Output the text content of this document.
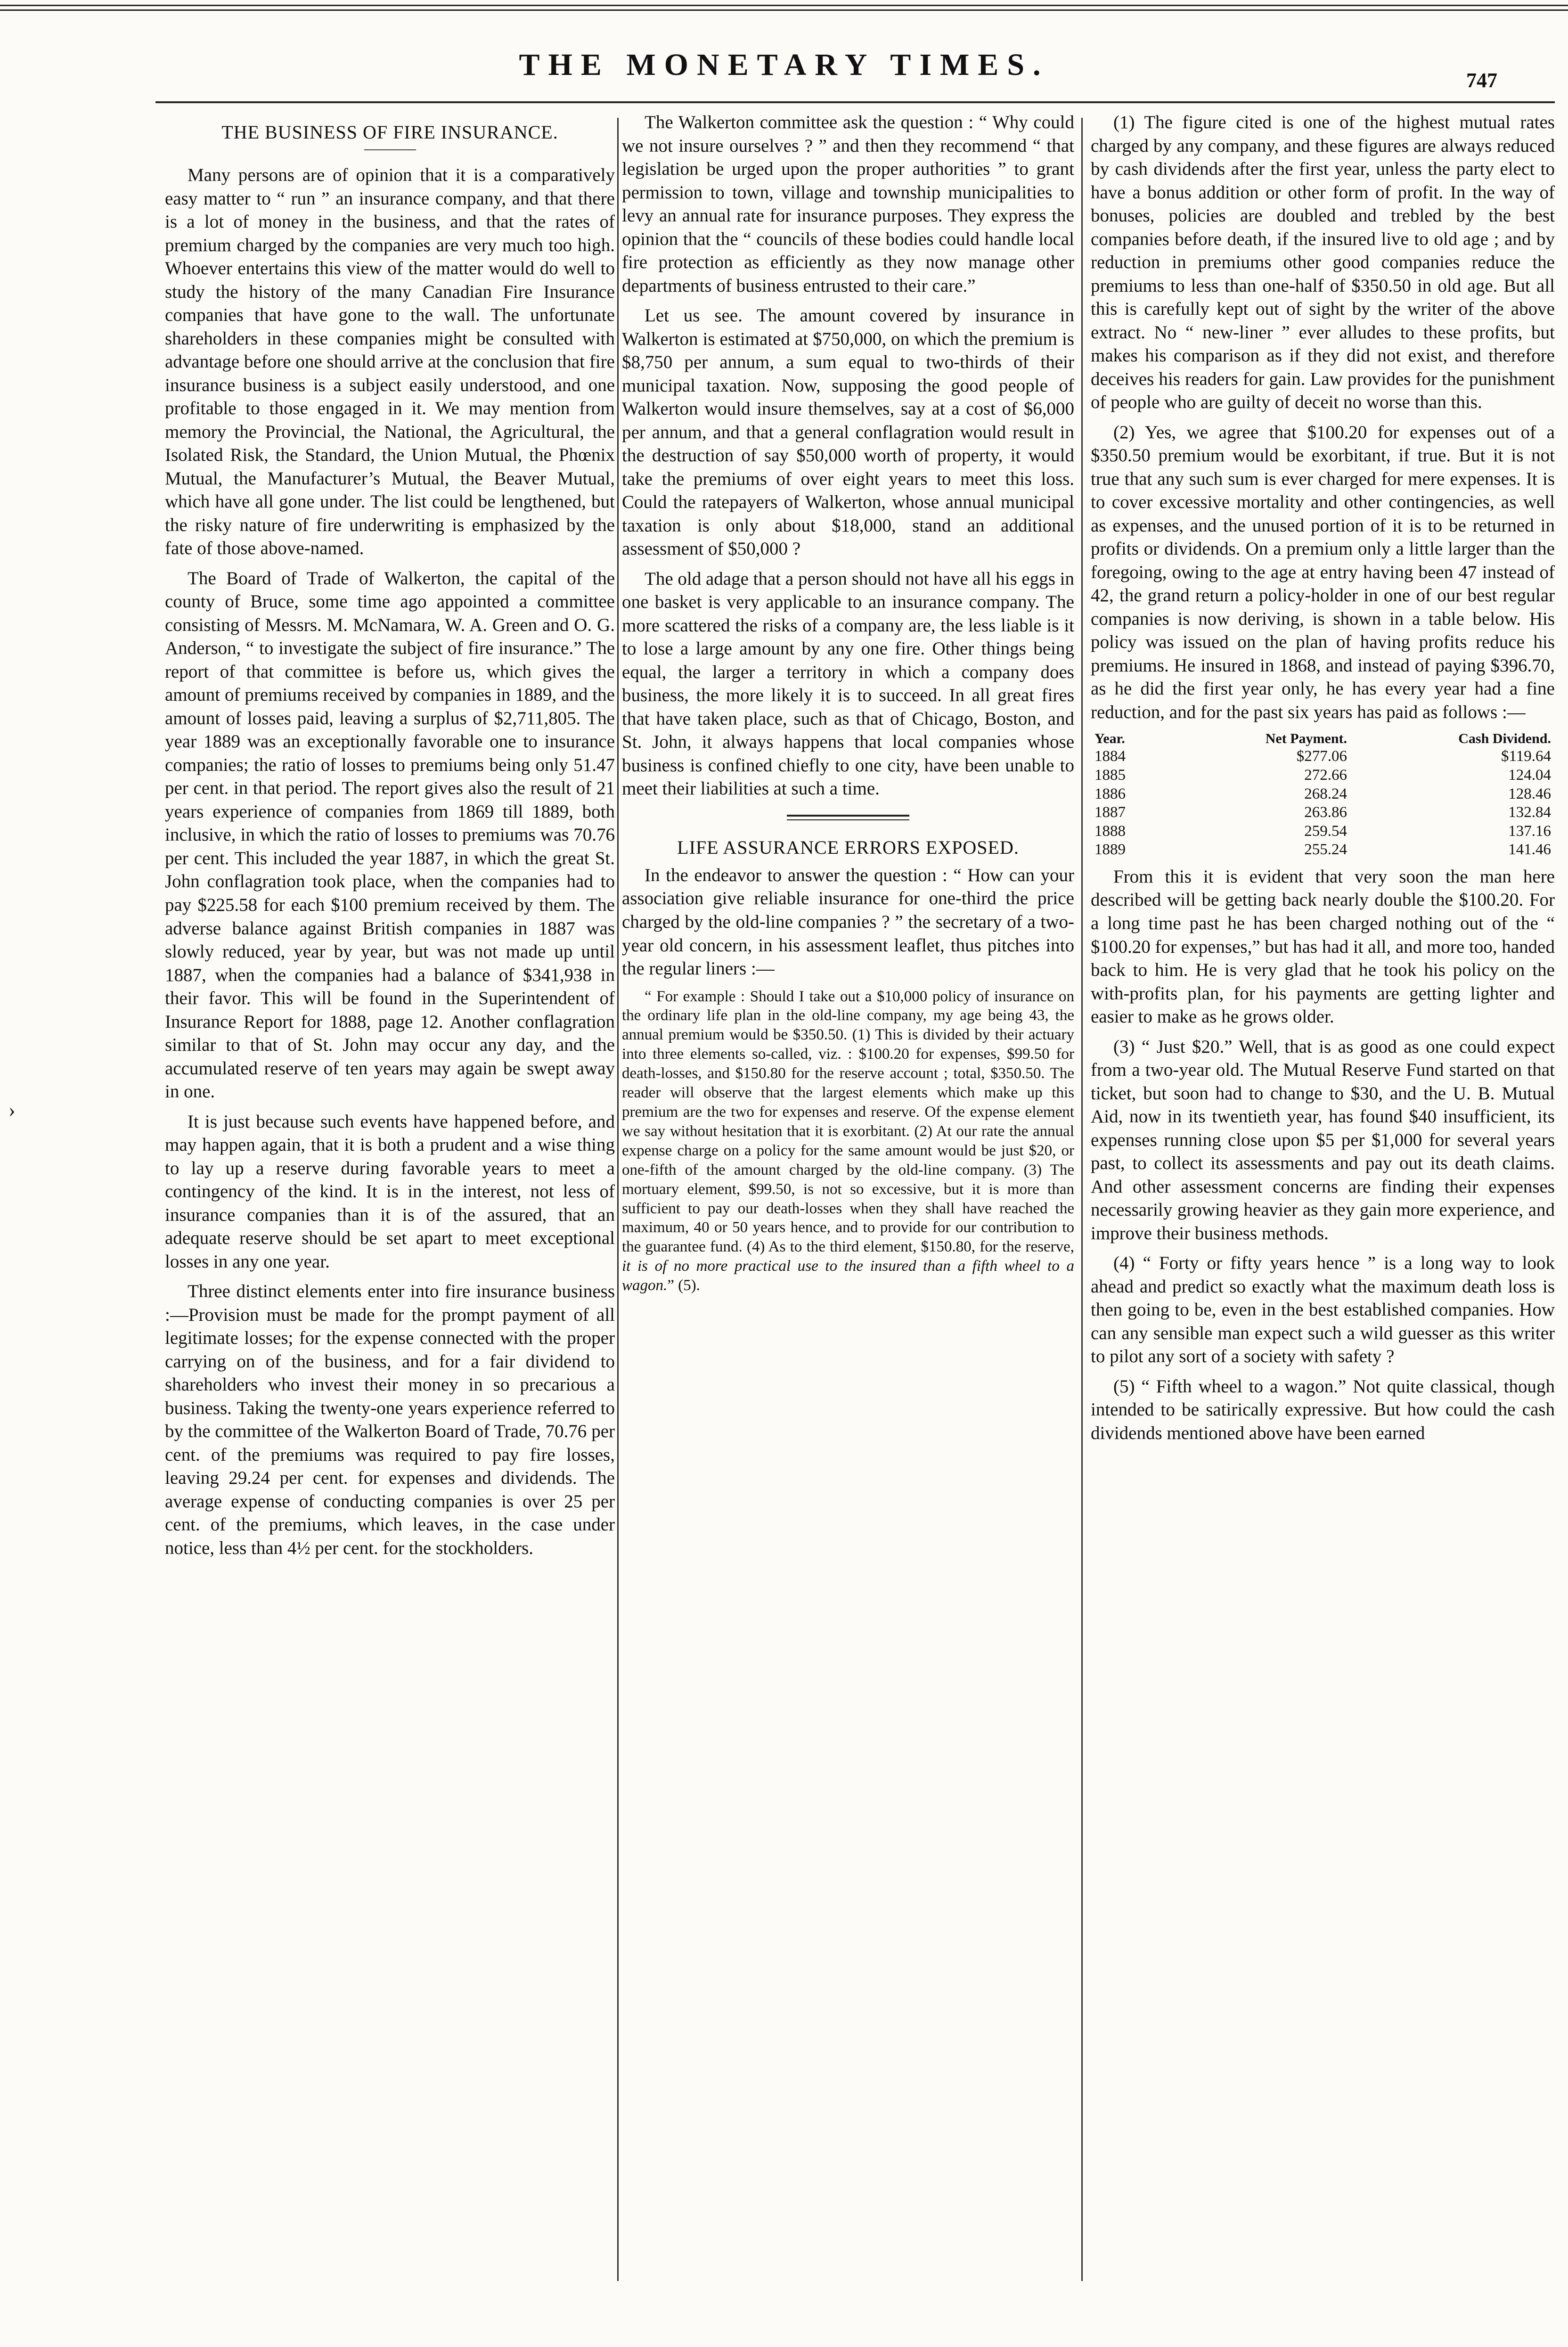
THE MONETARY TIMES.	747
›
THE BUSINESS OF FIRE INSURANCE.

Many persons are of opinion that it is a comparatively easy matter to “ run ” an insurance company, and that there is a lot of money in the business, and that the rates of premium charged by the companies are very much too high. Whoever entertains this view of the matter would do well to study the history of the many Canadian Fire Insurance companies that have gone to the wall. The unfortunate shareholders in these companies might be consulted with advantage before one should arrive at the conclusion that fire insurance business is a subject easily understood, and one profitable to those engaged in it. We may mention from memory the Provincial, the National, the Agricultural, the Isolated Risk, the Standard, the Union Mutual, the Phœnix Mutual, the Manufacturer’s Mutual, the Beaver Mutual, which have all gone under. The list could be lengthened, but the risky nature of fire underwriting is emphasized by the fate of those above-named.

The Board of Trade of Walkerton, the capital of the county of Bruce, some time ago appointed a committee consisting of Messrs. M. McNamara, W. A. Green and O. G. Anderson, “ to investigate the subject of fire insurance.” The report of that committee is before us, which gives the amount of premiums received by companies in 1889, and the amount of losses paid, leaving a surplus of $2,711,805. The year 1889 was an exceptionally favorable one to insurance companies; the ratio of losses to premiums being only 51.47 per cent. in that period. The report gives also the result of 21 years experience of companies from 1869 till 1889, both inclusive, in which the ratio of losses to premiums was 70.76 per cent. This included the year 1887, in which the great St. John conflagration took place, when the companies had to pay $225.58 for each $100 premium received by them. The adverse balance against British companies in 1887 was slowly reduced, year by year, but was not made up until 1887, when the companies had a balance of $341,938 in their favor. This will be found in the Superintendent of Insurance Report for 1888, page 12. Another conflagration similar to that of St. John may occur any day, and the accumulated reserve of ten years may again be swept away in one.

It is just because such events have happened before, and may happen again, that it is both a prudent and a wise thing to lay up a reserve during favorable years to meet a contingency of the kind. It is in the interest, not less of insurance companies than it is of the assured, that an adequate reserve should be set apart to meet exceptional losses in any one year.

Three distinct elements enter into fire insurance business :—Provision must be made for the prompt payment of all legitimate losses; for the expense connected with the proper carrying on of the business, and for a fair dividend to shareholders who invest their money in so precarious a business. Taking the twenty-one years experience referred to by the committee of the Walkerton Board of Trade, 70.76 per cent. of the premiums was required to pay fire losses, leaving 29.24 per cent. for expenses and dividends. The average expense of conducting companies is over 25 per cent. of the premiums, which leaves, in the case under notice, less than 4½ per cent. for the stockholders.

The Walkerton committee ask the question : “ Why could we not insure ourselves ? ” and then they recommend “ that legislation be urged upon the proper authorities ” to grant permission to town, village and township municipalities to levy an annual rate for insurance purposes. They express the opinion that the “ councils of these bodies could handle local fire protection as efficiently as they now manage other departments of business entrusted to their care.”

Let us see. The amount covered by insurance in Walkerton is estimated at $750,000, on which the premium is $8,750 per annum, a sum equal to two-thirds of their municipal taxation. Now, supposing the good people of Walkerton would insure themselves, say at a cost of $6,000 per annum, and that a general conflagration would result in the destruction of say $50,000 worth of property, it would take the premiums of over eight years to meet this loss. Could the ratepayers of Walkerton, whose annual municipal taxation is only about $18,000, stand an additional assessment of $50,000 ?

The old adage that a person should not have all his eggs in one basket is very applicable to an insurance company. The more scattered the risks of a company are, the less liable is it to lose a large amount by any one fire. Other things being equal, the larger a territory in which a company does business, the more likely it is to succeed. In all great fires that have taken place, such as that of Chicago, Boston, and St. John, it always happens that local companies whose business is confined chiefly to one city, have been unable to meet their liabilities at such a time.

LIFE ASSURANCE ERRORS EXPOSED.

In the endeavor to answer the question : “ How can your association give reliable insurance for one-third the price charged by the old-line companies ? ” the secretary of a two-year old concern, in his assessment leaflet, thus pitches into the regular liners :—

“ For example : Should I take out a $10,000 policy of insurance on the ordinary life plan in the old-line company, my age being 43, the annual premium would be $350.50. (1) This is divided by their actuary into three elements so-called, viz. : $100.20 for expenses, $99.50 for death-losses, and $150.80 for the reserve account ; total, $350.50. The reader will observe that the largest elements which make up this premium are the two for expenses and reserve. Of the expense element we say without hesitation that it is exorbitant. (2) At our rate the annual expense charge on a policy for the same amount would be just $20, or one-fifth of the amount charged by the old-line company. (3) The mortuary element, $99.50, is not so excessive, but it is more than sufficient to pay our death-losses when they shall have reached the maximum, 40 or 50 years hence, and to provide for our contribution to the guarantee fund. (4) As to the third element, $150.80, for the reserve, it is of no more practical use to the insured than a fifth wheel to a wagon.” (5).

(1) The figure cited is one of the highest mutual rates charged by any company, and these figures are always reduced by cash dividends after the first year, unless the party elect to have a bonus addition or other form of profit. In the way of bonuses, policies are doubled and trebled by the best companies before death, if the insured live to old age ; and by reduction in premiums other good companies reduce the premiums to less than one-half of $350.50 in old age. But all this is carefully kept out of sight by the writer of the above extract. No “ new-liner ” ever alludes to these profits, but makes his comparison as if they did not exist, and therefore deceives his readers for gain. Law provides for the punishment of people who are guilty of deceit no worse than this.

(2) Yes, we agree that $100.20 for expenses out of a $350.50 premium would be exorbitant, if true. But it is not true that any such sum is ever charged for mere expenses. It is to cover excessive mortality and other contingencies, as well as expenses, and the unused portion of it is to be returned in profits or dividends. On a premium only a little larger than the foregoing, owing to the age at entry having been 47 instead of 42, the grand return a policy-holder in one of our best regular companies is now deriving, is shown in a table below. His policy was issued on the plan of having profits reduce his premiums. He insured in 1868, and instead of paying $396.70, as he did the first year only, he has every year had a fine reduction, and for the past six years has paid as follows :—

Year.	Net Payment.	Cash Dividend.
1884	$277.06	$119.64
1885	272.66	124.04
1886	268.24	128.46
1887	263.86	132.84
1888	259.54	137.16
1889	255.24	141.46

From this it is evident that very soon the man here described will be getting back nearly double the $100.20. For a long time past he has been charged nothing out of the “ $100.20 for expenses,” but has had it all, and more too, handed back to him. He is very glad that he took his policy on the with-profits plan, for his payments are getting lighter and easier to make as he grows older.

(3) “ Just $20.” Well, that is as good as one could expect from a two-year old. The Mutual Reserve Fund started on that ticket, but soon had to change to $30, and the U. B. Mutual Aid, now in its twentieth year, has found $40 insufficient, its expenses running close upon $5 per $1,000 for several years past, to collect its assessments and pay out its death claims. And other assessment concerns are finding their expenses necessarily growing heavier as they gain more experience, and improve their business methods.

(4) “ Forty or fifty years hence ” is a long way to look ahead and predict so exactly what the maximum death loss is then going to be, even in the best established companies. How can any sensible man expect such a wild guesser as this writer to pilot any sort of a society with safety ?

(5) “ Fifth wheel to a wagon.” Not quite classical, though intended to be satirically expressive. But how could the cash dividends mentioned above have been earned
